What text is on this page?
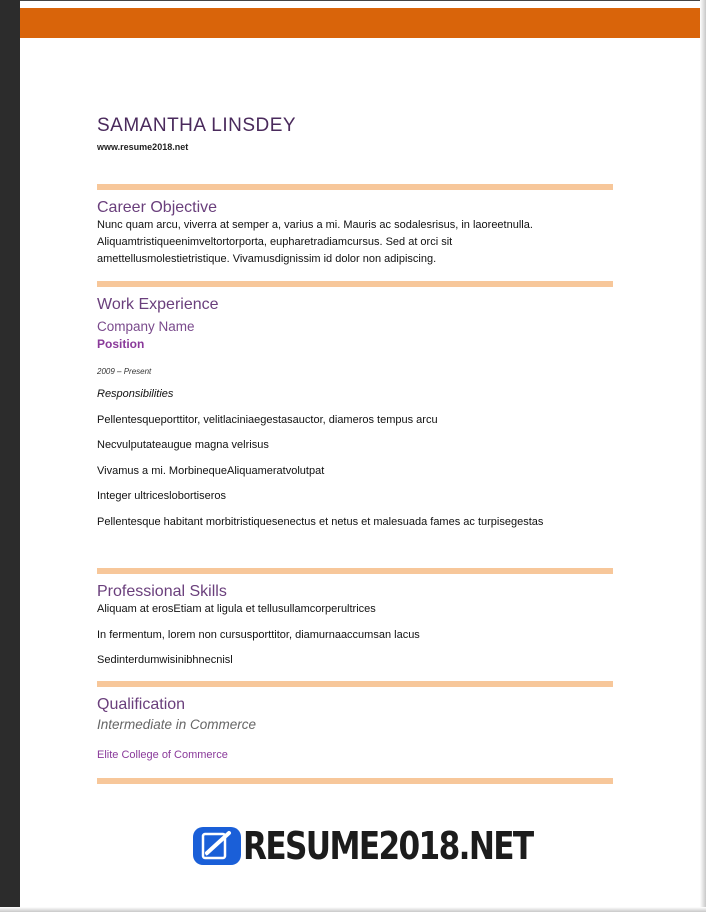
SAMANTHA LINSDEY
www.resume2018.net
Career Objective
Nunc quam arcu, viverra at semper a, varius a mi. Mauris ac sodalesrisus, in laoreetnulla.
Aliquamtristiqueenimveltortorporta, eupharetradiamcursus. Sed at orci sit
amettellusmolestietristique. Vivamusdignissim id dolor non adipiscing.
Work Experience
Company Name
Position
2009 – Present
Responsibilities
Pellentesqueporttitor, velitlaciniaegestasauctor, diameros tempus arcu
Necvulputateaugue magna velrisus
Vivamus a mi. MorbinequeAliquameratvolutpat
Integer ultriceslobortiseros
Pellentesque habitant morbitristiquesenectus et netus et malesuada fames ac turpisegestas
Professional Skills
Aliquam at erosEtiam at ligula et tellusullamcorperultrices
In fermentum, lorem non cursusporttitor, diamurnaaccumsan lacus
Sedinterdumwisinibhnecnisl
Qualification
Intermediate in Commerce
Elite College of Commerce
RESUME2018.NET
